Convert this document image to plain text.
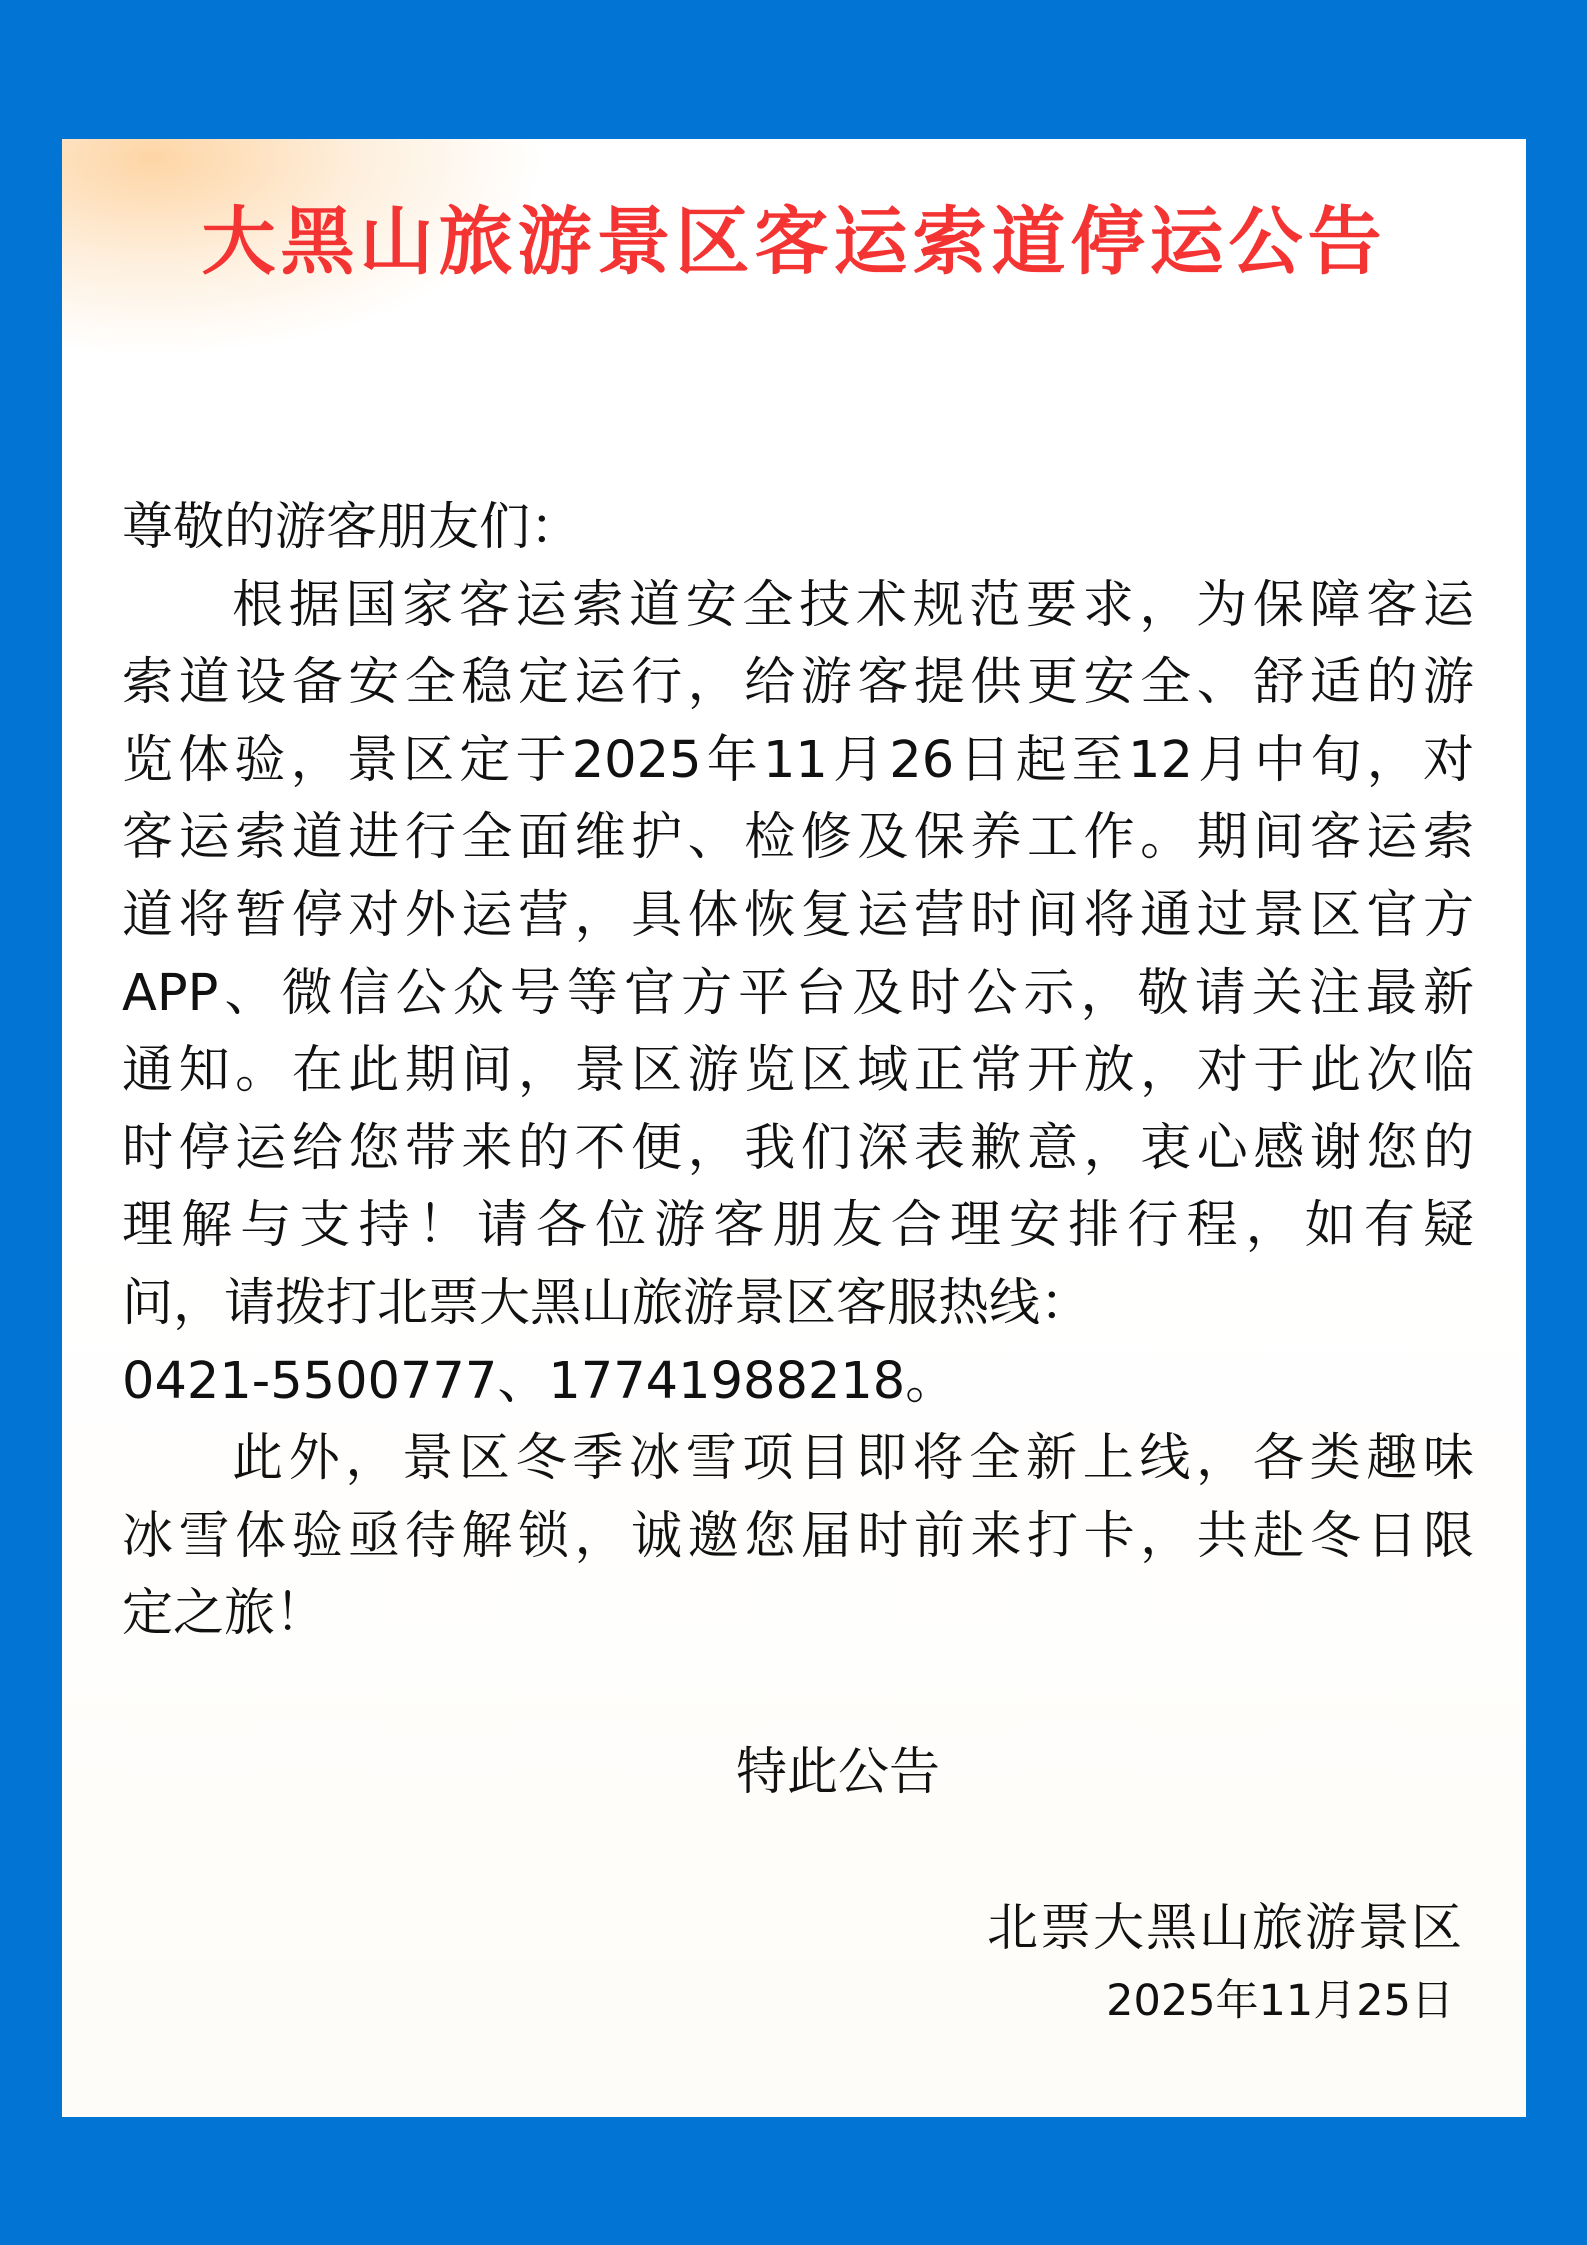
大黑山旅游景区客运索道停运公告
尊敬的游客朋友们：
根据国家客运索道安全技术规范要求，为保障客运
索道设备安全稳定运行，给游客提供更安全、舒适的游
览体验，景区定于2025年11月26日起至12月中旬，对
客运索道进行全面维护、检修及保养工作。期间客运索
道将暂停对外运营，具体恢复运营时间将通过景区官方
APP、微信公众号等官方平台及时公示，敬请关注最新
通知。在此期间，景区游览区域正常开放，对于此次临
时停运给您带来的不便，我们深表歉意，衷心感谢您的
理解与支持！请各位游客朋友合理安排行程，如有疑
问，请拨打北票大黑山旅游景区客服热线：
0421-5500777、17741988218。
此外，景区冬季冰雪项目即将全新上线，各类趣味
冰雪体验亟待解锁，诚邀您届时前来打卡，共赴冬日限
定之旅！
特此公告
北票大黑山旅游景区
2025年11月25日
